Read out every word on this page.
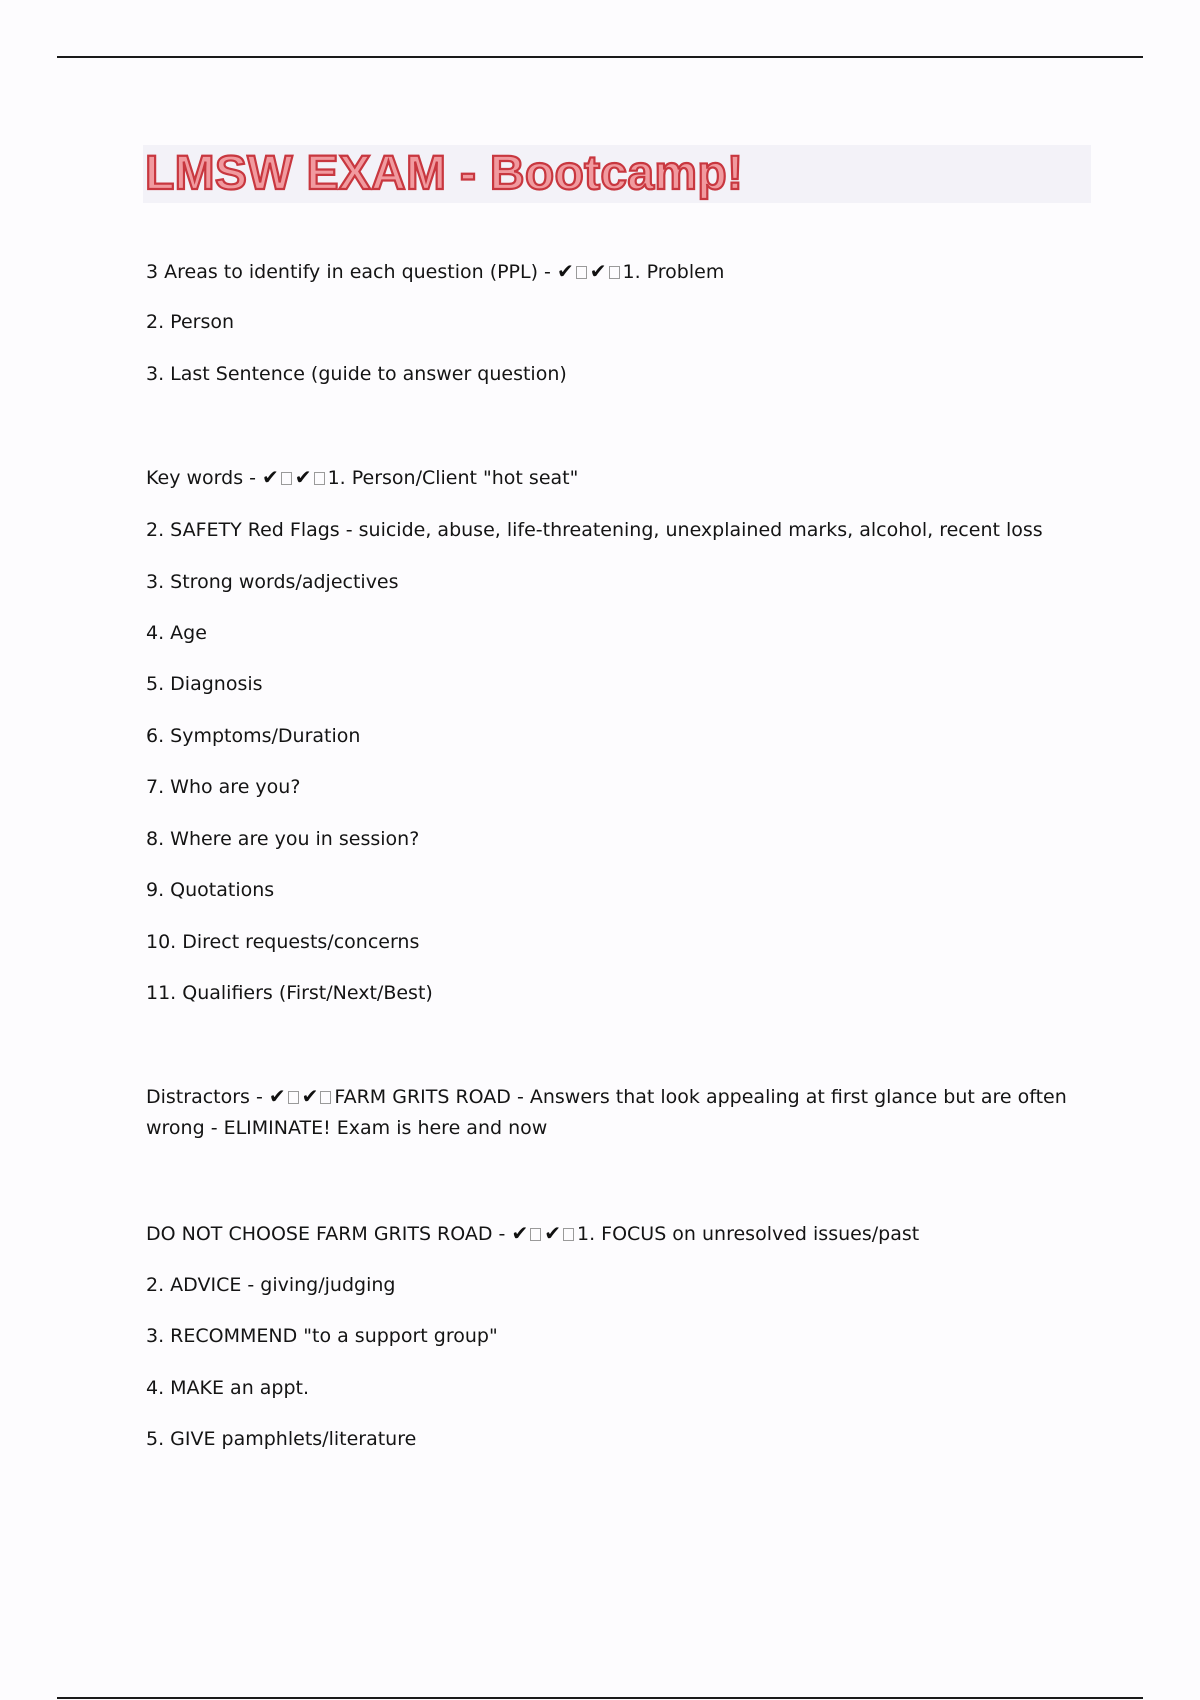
LMSW EXAM - Bootcamp!

3 Areas to identify in each question (PPL) - ✔ ✔ 1. Problem

2. Person

3. Last Sentence (guide to answer question)

Key words - ✔ ✔ 1. Person/Client "hot seat"

2. SAFETY Red Flags - suicide, abuse, life-threatening, unexplained marks, alcohol, recent loss

3. Strong words/adjectives

4. Age

5. Diagnosis

6. Symptoms/Duration

7. Who are you?

8. Where are you in session?

9. Quotations

10. Direct requests/concerns

11. Qualifiers (First/Next/Best)

Distractors - ✔ ✔ FARM GRITS ROAD - Answers that look appealing at first glance but are often

wrong - ELIMINATE! Exam is here and now

DO NOT CHOOSE FARM GRITS ROAD - ✔ ✔ 1. FOCUS on unresolved issues/past

2. ADVICE - giving/judging

3. RECOMMEND "to a support group"

4. MAKE an appt.

5. GIVE pamphlets/literature
